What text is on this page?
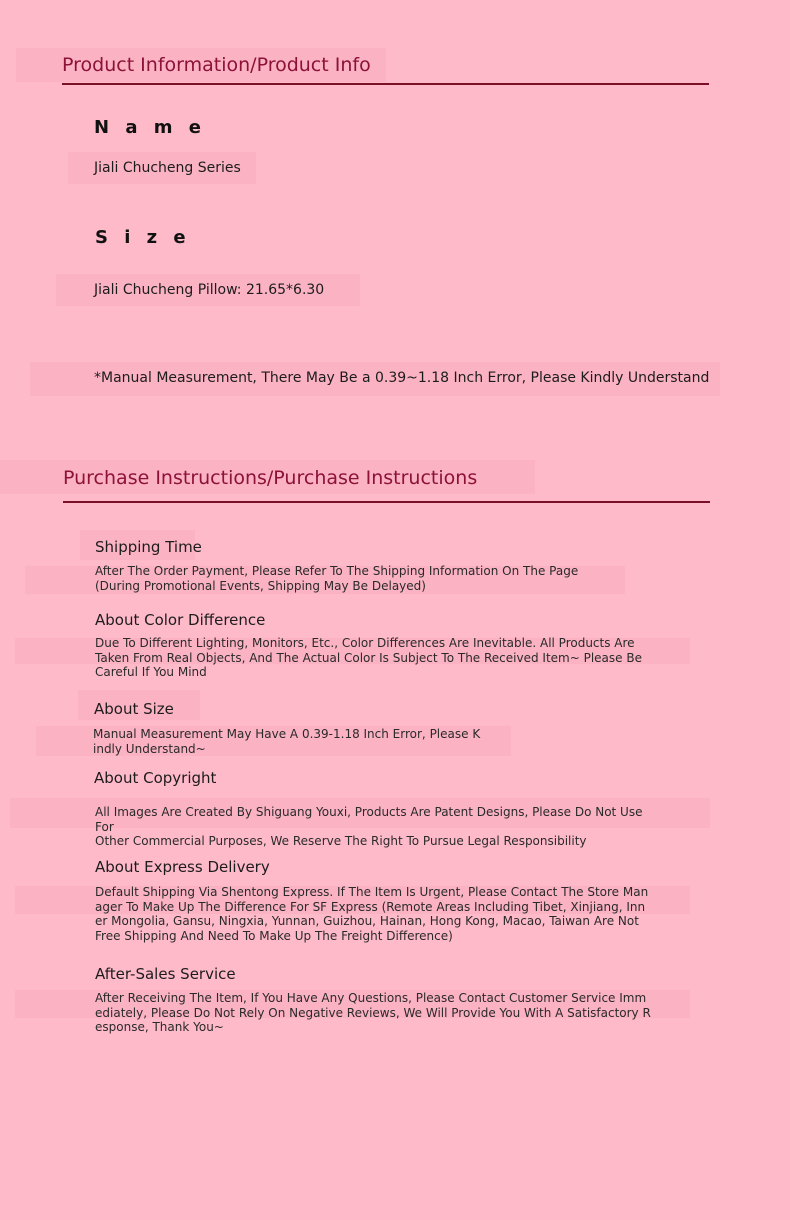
Product Information/Product Info
N a m e
Jiali Chucheng Series
S i z e
Jiali Chucheng Pillow: 21.65*6.30
*Manual Measurement, There May Be a 0.39~1.18 Inch Error, Please Kindly Understand
Purchase Instructions/Purchase Instructions
Shipping Time
After The Order Payment, Please Refer To The Shipping Information On The Page
(During Promotional Events, Shipping May Be Delayed)
About Color Difference
Due To Different Lighting, Monitors, Etc., Color Differences Are Inevitable. All Products Are
Taken From Real Objects, And The Actual Color Is Subject To The Received Item~ Please Be
Careful If You Mind
About Size
Manual Measurement May Have A 0.39-1.18 Inch Error, Please K
indly Understand~
About Copyright
All Images Are Created By Shiguang Youxi, Products Are Patent Designs, Please Do Not Use For
Other Commercial Purposes, We Reserve The Right To Pursue Legal Responsibility
About Express Delivery
Default Shipping Via Shentong Express. If The Item Is Urgent, Please Contact The Store Man
ager To Make Up The Difference For SF Express (Remote Areas Including Tibet, Xinjiang, Inn
er Mongolia, Gansu, Ningxia, Yunnan, Guizhou, Hainan, Hong Kong, Macao, Taiwan Are Not
Free Shipping And Need To Make Up The Freight Difference)
After-Sales Service
After Receiving The Item, If You Have Any Questions, Please Contact Customer Service Imm
ediately, Please Do Not Rely On Negative Reviews, We Will Provide You With A Satisfactory R
esponse, Thank You~
